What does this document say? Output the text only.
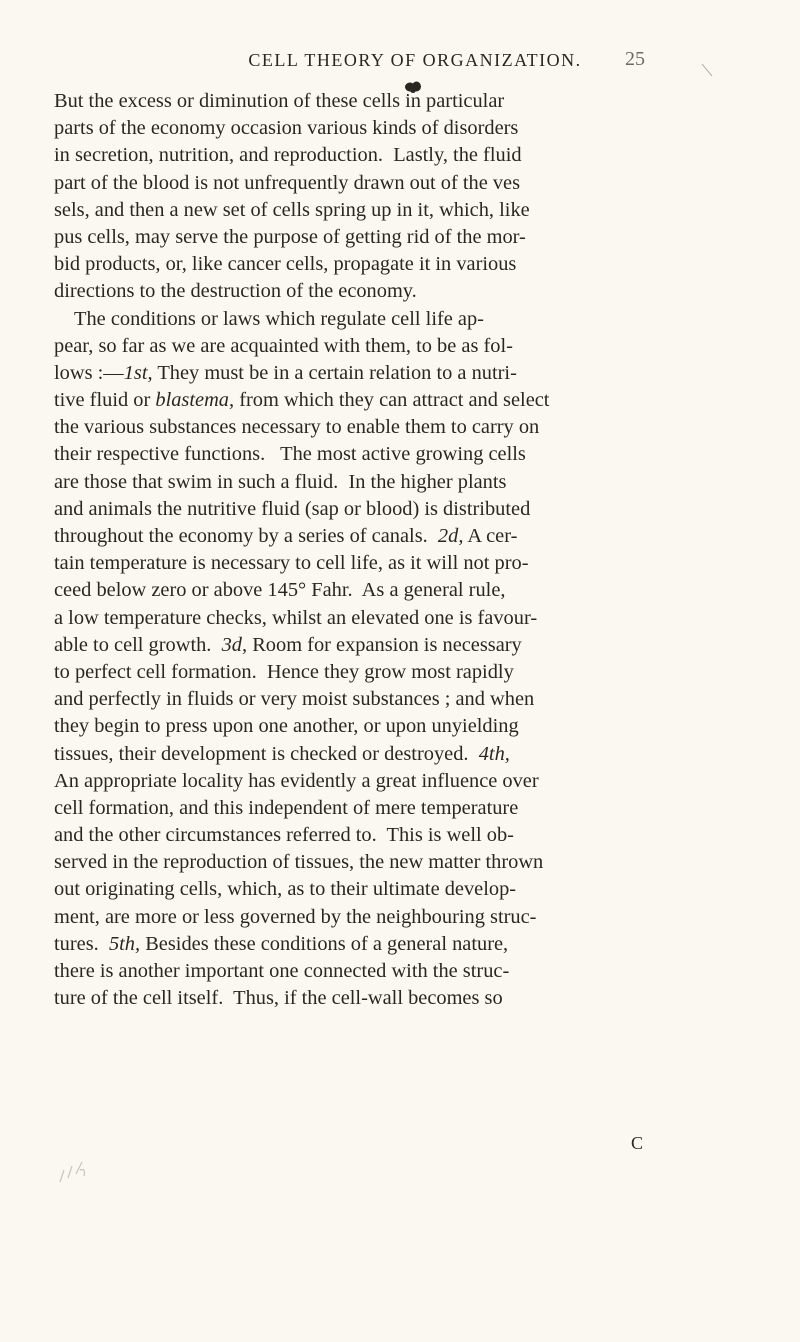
CELL THEORY OF ORGANIZATION.	25
But the excess or diminution of these cells in particular
parts of the economy occasion various kinds of disorders
in secretion, nutrition, and reproduction.  Lastly, the fluid
part of the blood is not unfrequently drawn out of the ves
sels, and then a new set of cells spring up in it, which, like
pus cells, may serve the purpose of getting rid of the mor-
bid products, or, like cancer cells, propagate it in various
directions to the destruction of the economy.
The conditions or laws which regulate cell life ap-
pear, so far as we are acquainted with them, to be as fol-
lows :—1st, They must be in a certain relation to a nutri-
tive fluid or blastema, from which they can attract and select
the various substances necessary to enable them to carry on
their respective functions.   The most active growing cells
are those that swim in such a fluid.  In the higher plants
and animals the nutritive fluid (sap or blood) is distributed
throughout the economy by a series of canals.  2d, A cer-
tain temperature is necessary to cell life, as it will not pro-
ceed below zero or above 145° Fahr.  As a general rule,
a low temperature checks, whilst an elevated one is favour-
able to cell growth.  3d, Room for expansion is necessary
to perfect cell formation.  Hence they grow most rapidly
and perfectly in fluids or very moist substances ; and when
they begin to press upon one another, or upon unyielding
tissues, their development is checked or destroyed.  4th,
An appropriate locality has evidently a great influence over
cell formation, and this independent of mere temperature
and the other circumstances referred to.  This is well ob-
served in the reproduction of tissues, the new matter thrown
out originating cells, which, as to their ultimate develop-
ment, are more or less governed by the neighbouring struc-
tures.  5th, Besides these conditions of a general nature,
there is another important one connected with the struc-
ture of the cell itself.  Thus, if the cell-wall becomes so
C
